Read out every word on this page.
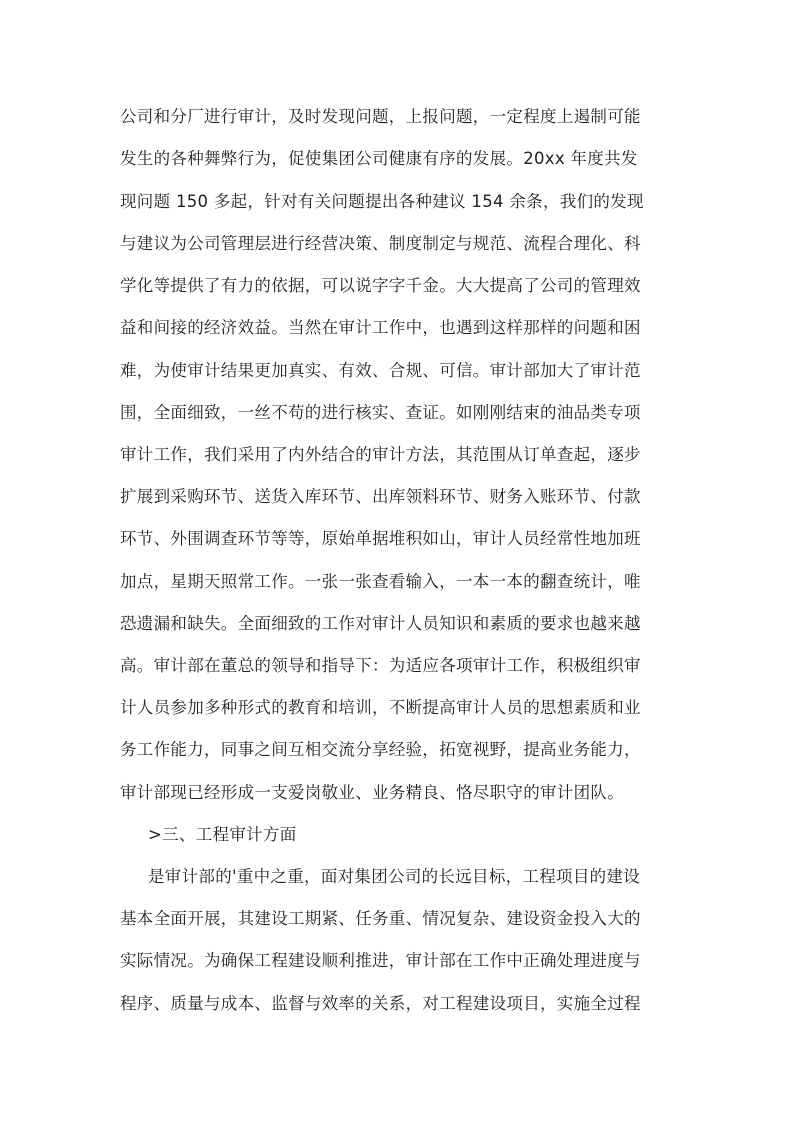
公司和分厂进行审计，及时发现问题，上报问题，一定程度上遏制可能
发生的各种舞弊行为，促使集团公司健康有序的发展。20xx 年度共发
现问题 150 多起，针对有关问题提出各种建议 154 余条，我们的发现
与建议为公司管理层进行经营决策、制度制定与规范、流程合理化、科
学化等提供了有力的依据，可以说字字千金。大大提高了公司的管理效
益和间接的经济效益。当然在审计工作中，也遇到这样那样的问题和困
难，为使审计结果更加真实、有效、合规、可信。审计部加大了审计范
围，全面细致，一丝不苟的进行核实、查证。如刚刚结束的油品类专项
审计工作，我们采用了内外结合的审计方法，其范围从订单查起，逐步
扩展到采购环节、送货入库环节、出库领料环节、财务入账环节、付款
环节、外围调查环节等等，原始单据堆积如山，审计人员经常性地加班
加点，星期天照常工作。一张一张查看输入，一本一本的翻查统计，唯
恐遗漏和缺失。全面细致的工作对审计人员知识和素质的要求也越来越
高。审计部在董总的领导和指导下：为适应各项审计工作，积极组织审
计人员参加多种形式的教育和培训，不断提高审计人员的思想素质和业
务工作能力，同事之间互相交流分享经验，拓宽视野，提高业务能力，
审计部现已经形成一支爱岗敬业、业务精良、恪尽职守的审计团队。
>三、工程审计方面
是审计部的'重中之重，面对集团公司的长远目标，工程项目的建设
基本全面开展，其建设工期紧、任务重、情况复杂、建设资金投入大的
实际情况。为确保工程建设顺利推进，审计部在工作中正确处理进度与
程序、质量与成本、监督与效率的关系，对工程建设项目，实施全过程
